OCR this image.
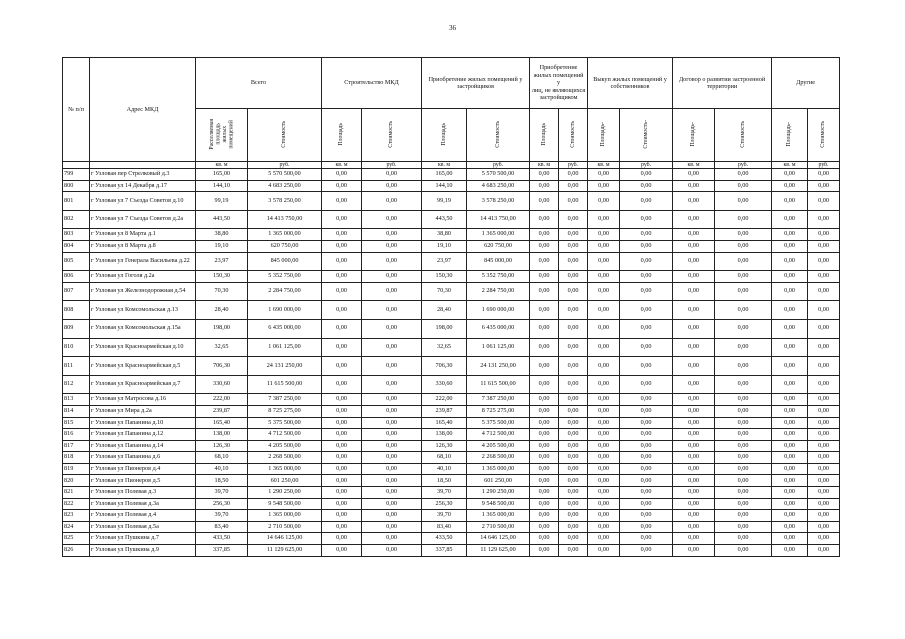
36
№ п/п	Адрес МКД	Всего		Строительство МКД		Приобретение жилых помещений у застройщиков		Приобретение
жилых помещений
у
лиц, не являющихся
застройщиком		Выкуп жилых помещений у собственников		Договор о развитии застроенной территории		Другие	
		Расселяемая
площадь
жилых
помещений	Стоимость	Площадь	Стоимость	Площадь	Стоимость	Площадь	Стоимость	Площадь-	Стоимость-	Площадь-	Стоимость	Площадь-	Стоимость
		кв. м	руб.	кв. м	руб.	кв. м	руб.	кв. м	руб.	кв. м	руб.	кв. м	руб.	кв. м	руб.
799	г Узловая пер Стрелковый д.3	165,00	5 570 500,00	0,00	0,00	165,00	5 570 500,00	0,00	0,00	0,00	0,00	0,00	0,00	0,00	0,00
800	г Узловая ул 14 Декабря д.17	144,10	4 683 250,00	0,00	0,00	144,10	4 683 250,00	0,00	0,00	0,00	0,00	0,00	0,00	0,00	0,00
801	г Узловая ул 7 Съезда Советов д.10	99,19	3 578 250,00	0,00	0,00	99,19	3 578 250,00	0,00	0,00	0,00	0,00	0,00	0,00	0,00	0,00
802	г Узловая ул 7 Съезда Советов д.2а	443,50	14 413 750,00	0,00	0,00	443,50	14 413 750,00	0,00	0,00	0,00	0,00	0,00	0,00	0,00	0,00
803	г Узловая ул 8 Марта д.1	38,80	1 365 000,00	0,00	0,00	38,80	1 365 000,00	0,00	0,00	0,00	0,00	0,00	0,00	0,00	0,00
804	г Узловая ул 8 Марта д.8	19,10	620 750,00	0,00	0,00	19,10	620 750,00	0,00	0,00	0,00	0,00	0,00	0,00	0,00	0,00
805	г Узловая ул Генерала Васильева д.22	23,97	845 000,00	0,00	0,00	23,97	845 000,00	0,00	0,00	0,00	0,00	0,00	0,00	0,00	0,00
806	г Узловая ул Гоголя д.2а	150,30	5 352 750,00	0,00	0,00	150,30	5 352 750,00	0,00	0,00	0,00	0,00	0,00	0,00	0,00	0,00
807	г Узловая ул Железнодорожная д.54	70,30	2 284 750,00	0,00	0,00	70,30	2 284 750,00	0,00	0,00	0,00	0,00	0,00	0,00	0,00	0,00
808	г Узловая ул Комсомольская д.13	28,40	1 690 000,00	0,00	0,00	28,40	1 690 000,00	0,00	0,00	0,00	0,00	0,00	0,00	0,00	0,00
809	г Узловая ул Комсомольская д.15а	198,00	6 435 000,00	0,00	0,00	198,00	6 435 000,00	0,00	0,00	0,00	0,00	0,00	0,00	0,00	0,00
810	г Узловая ул Красноармейская д.10	32,65	1 061 125,00	0,00	0,00	32,65	1 061 125,00	0,00	0,00	0,00	0,00	0,00	0,00	0,00	0,00
811	г Узловая ул Красноармейская д.5	706,30	24 131 250,00	0,00	0,00	706,30	24 131 250,00	0,00	0,00	0,00	0,00	0,00	0,00	0,00	0,00
812	г Узловая ул Красноармейская д.7	330,60	11 615 500,00	0,00	0,00	330,60	11 615 500,00	0,00	0,00	0,00	0,00	0,00	0,00	0,00	0,00
813	г Узловая ул Матросова д.16	222,00	7 387 250,00	0,00	0,00	222,00	7 387 250,00	0,00	0,00	0,00	0,00	0,00	0,00	0,00	0,00
814	г Узловая ул Мира д.2а	239,87	8 725 275,00	0,00	0,00	239,87	8 725 275,00	0,00	0,00	0,00	0,00	0,00	0,00	0,00	0,00
815	г Узловая ул Папанина д.10	165,40	5 375 500,00	0,00	0,00	165,40	5 375 500,00	0,00	0,00	0,00	0,00	0,00	0,00	0,00	0,00
816	г Узловая ул Папанина д.12	138,00	4 712 500,00	0,00	0,00	138,00	4 712 500,00	0,00	0,00	0,00	0,00	0,00	0,00	0,00	0,00
817	г Узловая ул Папанина д.14	126,30	4 205 500,00	0,00	0,00	126,30	4 205 500,00	0,00	0,00	0,00	0,00	0,00	0,00	0,00	0,00
818	г Узловая ул Папанина д.6	68,10	2 268 500,00	0,00	0,00	68,10	2 268 500,00	0,00	0,00	0,00	0,00	0,00	0,00	0,00	0,00
819	г Узловая ул Пионеров д.4	40,10	1 365 000,00	0,00	0,00	40,10	1 365 000,00	0,00	0,00	0,00	0,00	0,00	0,00	0,00	0,00
820	г Узловая ул Пионеров д.5	18,50	601 250,00	0,00	0,00	18,50	601 250,00	0,00	0,00	0,00	0,00	0,00	0,00	0,00	0,00
821	г Узловая ул Полевая д.3	39,70	1 290 250,00	0,00	0,00	39,70	1 290 250,00	0,00	0,00	0,00	0,00	0,00	0,00	0,00	0,00
822	г Узловая ул Полевая д.3а	256,30	9 548 500,00	0,00	0,00	256,30	9 548 500,00	0,00	0,00	0,00	0,00	0,00	0,00	0,00	0,00
823	г Узловая ул Полевая д.4	39,70	1 365 000,00	0,00	0,00	39,70	1 365 000,00	0,00	0,00	0,00	0,00	0,00	0,00	0,00	0,00
824	г Узловая ул Полевая д.5а	83,40	2 710 500,00	0,00	0,00	83,40	2 710 500,00	0,00	0,00	0,00	0,00	0,00	0,00	0,00	0,00
825	г Узловая ул Пушкина д.7	433,50	14 646 125,00	0,00	0,00	433,50	14 646 125,00	0,00	0,00	0,00	0,00	0,00	0,00	0,00	0,00
826	г Узловая ул Пушкина д.9	337,85	11 129 625,00	0,00	0,00	337,85	11 129 625,00	0,00	0,00	0,00	0,00	0,00	0,00	0,00	0,00
